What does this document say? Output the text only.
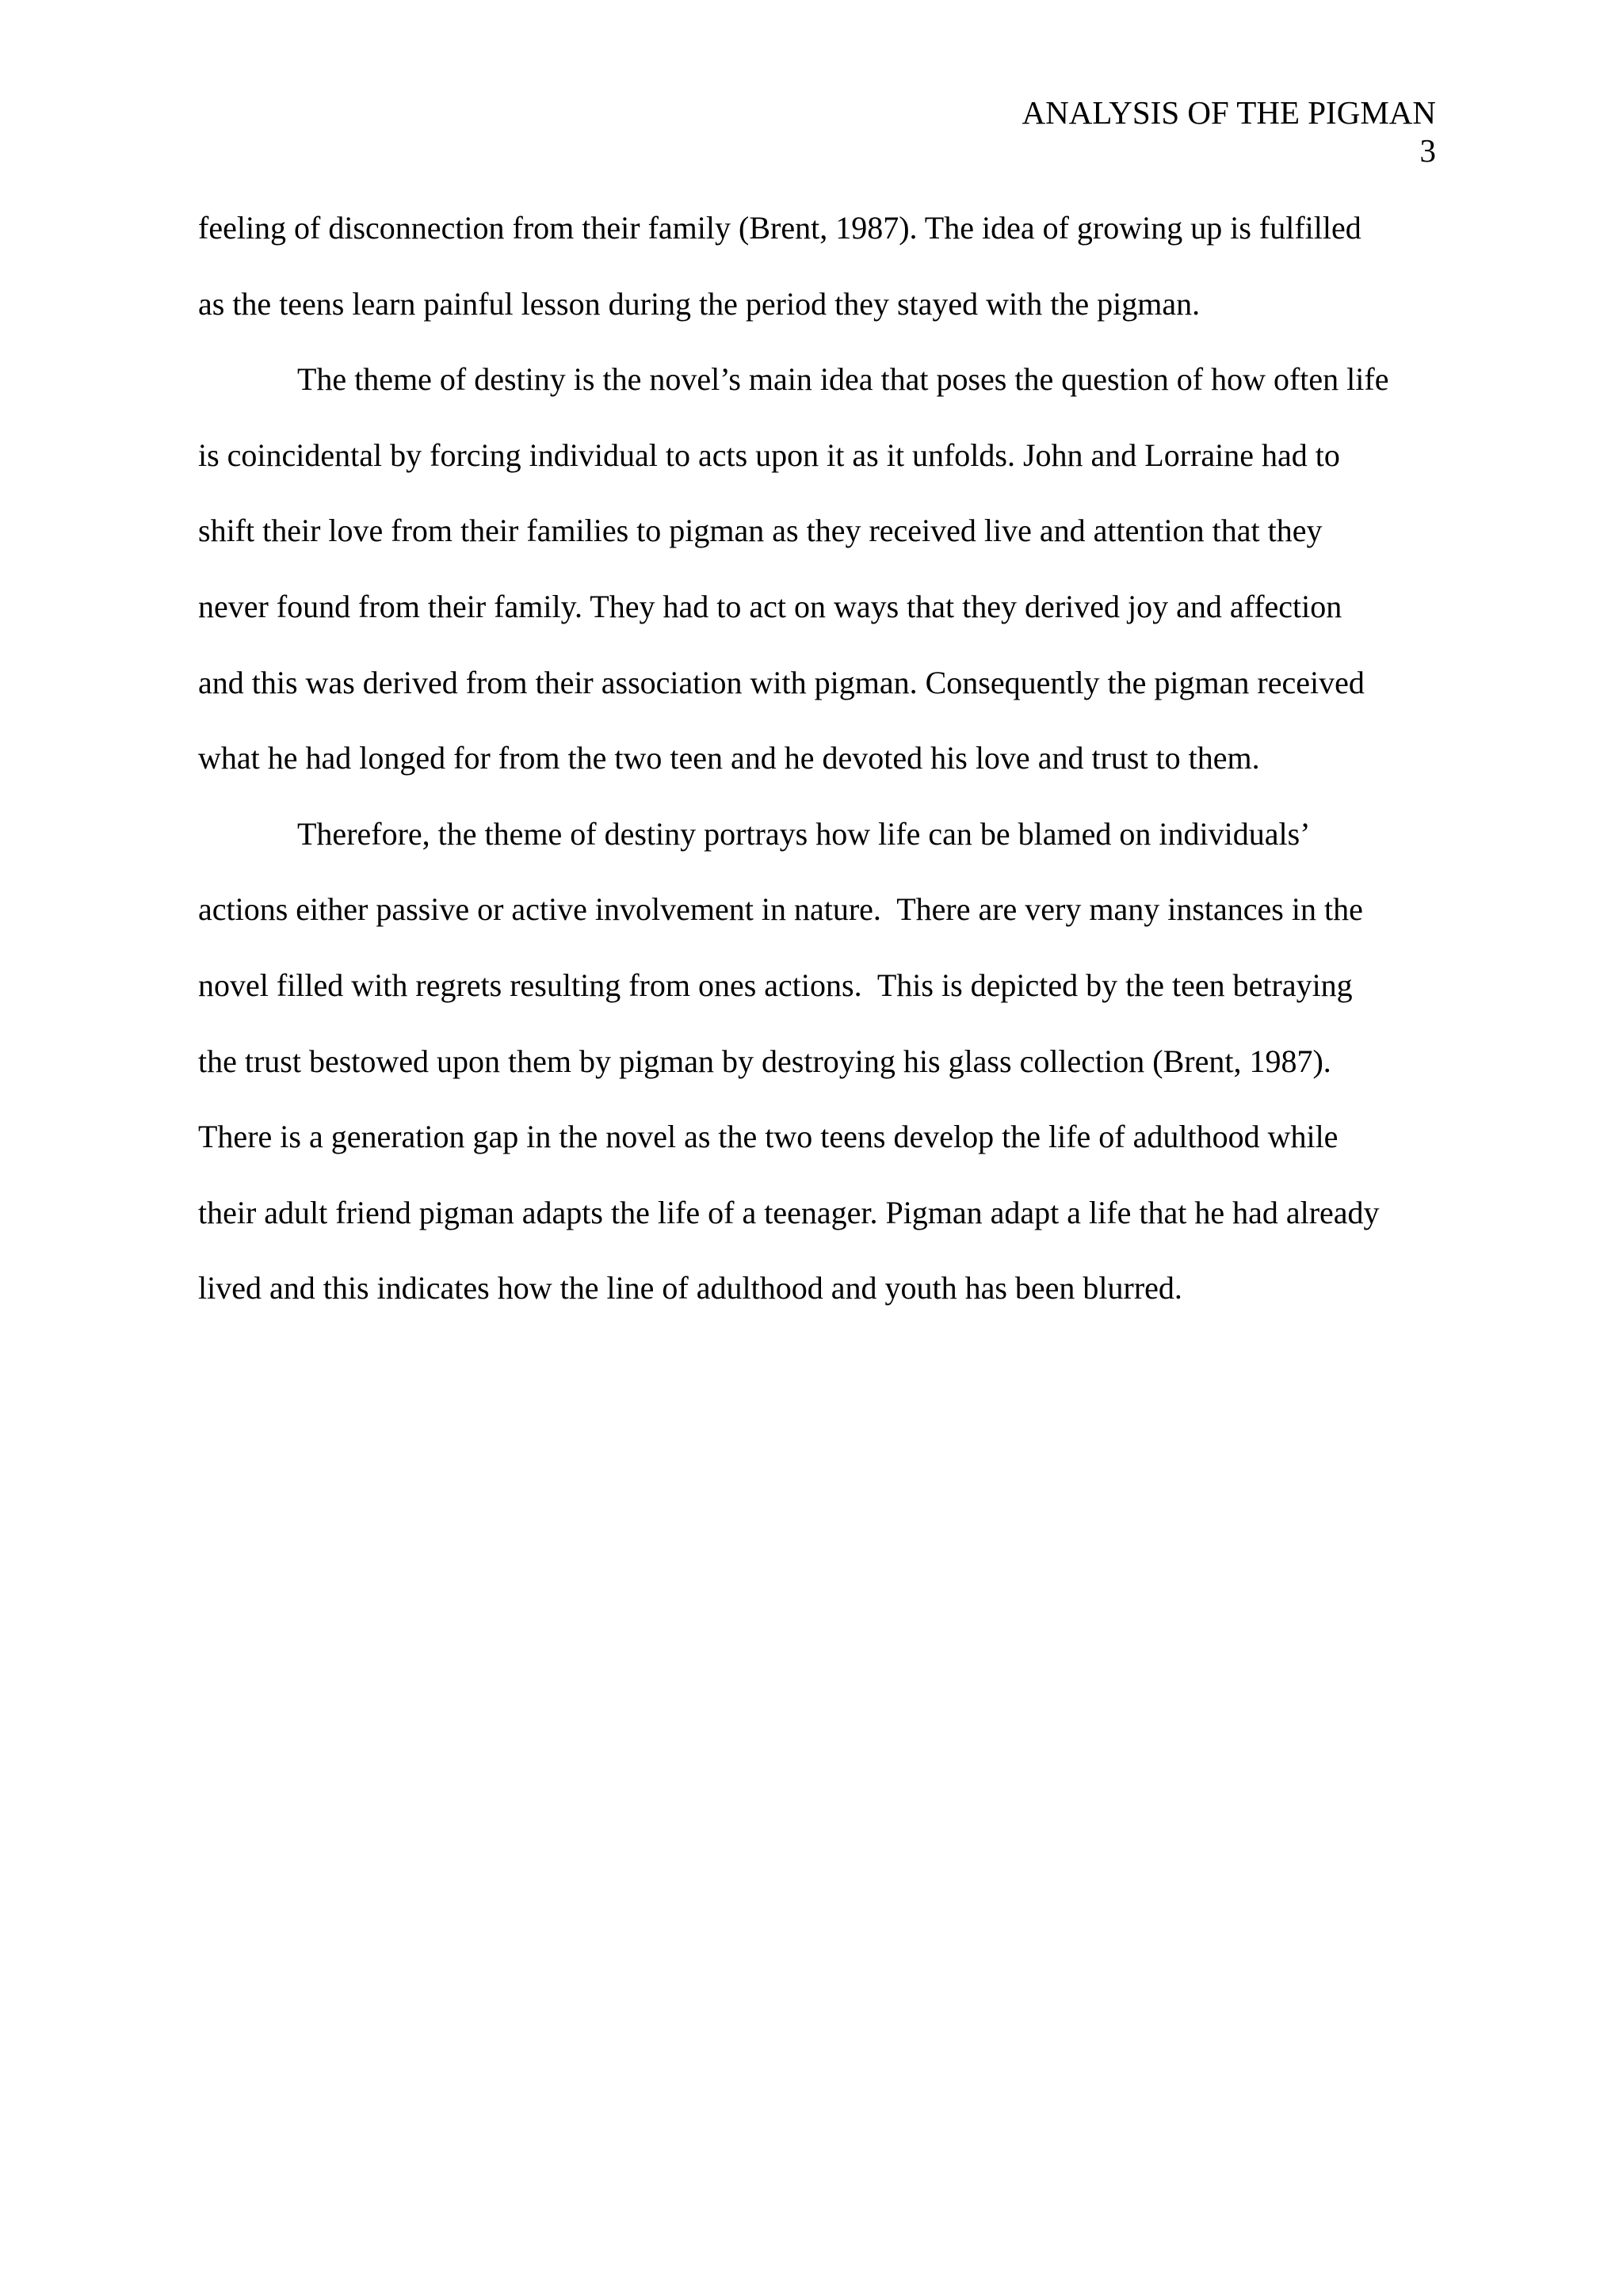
ANALYSIS OF THE PIGMAN
3
feeling of disconnection from their family (Brent, 1987). The idea of growing up is fulfilled
as the teens learn painful lesson during the period they stayed with the pigman.
The theme of destiny is the novel’s main idea that poses the question of how often life
is coincidental by forcing individual to acts upon it as it unfolds. John and Lorraine had to
shift their love from their families to pigman as they received live and attention that they
never found from their family. They had to act on ways that they derived joy and affection
and this was derived from their association with pigman. Consequently the pigman received
what he had longed for from the two teen and he devoted his love and trust to them.
Therefore, the theme of destiny portrays how life can be blamed on individuals’
actions either passive or active involvement in nature.  There are very many instances in the
novel filled with regrets resulting from ones actions.  This is depicted by the teen betraying
the trust bestowed upon them by pigman by destroying his glass collection (Brent, 1987).
There is a generation gap in the novel as the two teens develop the life of adulthood while
their adult friend pigman adapts the life of a teenager. Pigman adapt a life that he had already
lived and this indicates how the line of adulthood and youth has been blurred.
